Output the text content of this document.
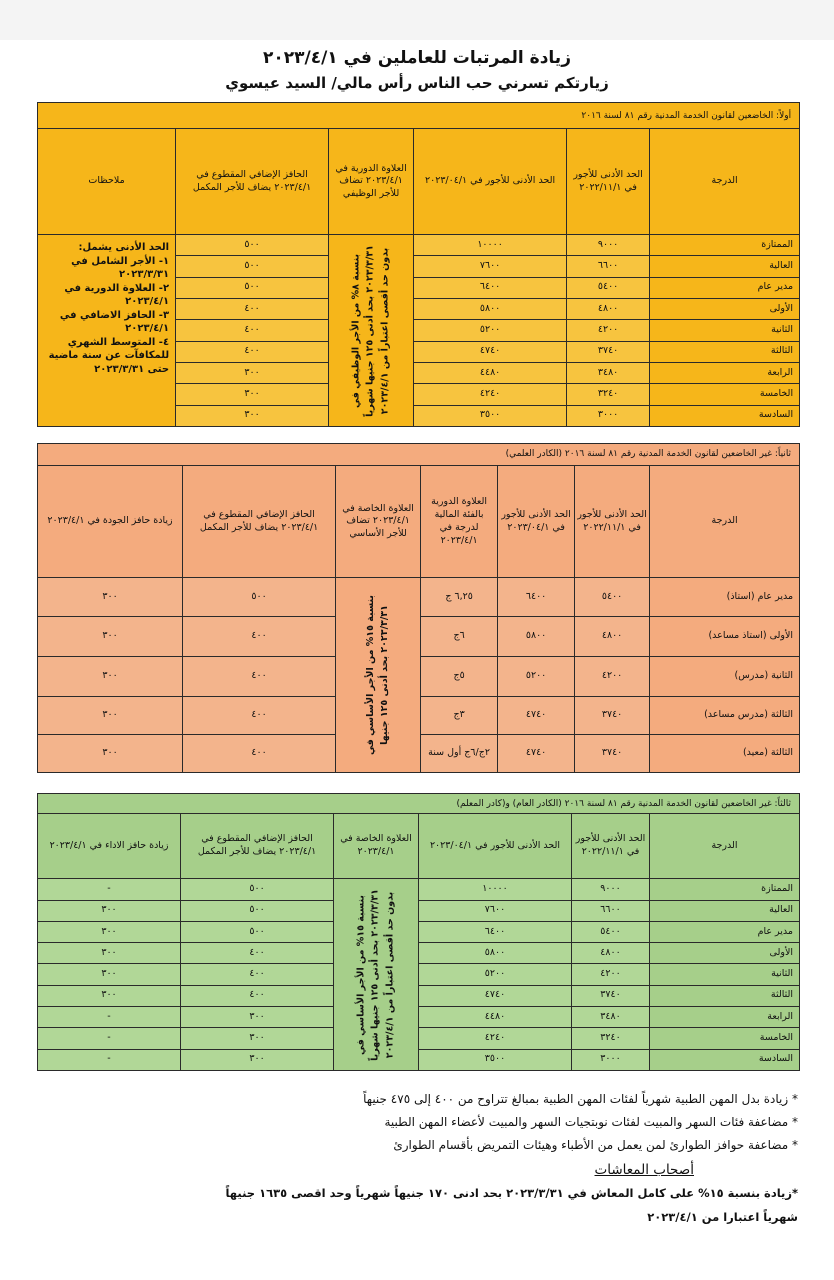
زيادة المرتبات للعاملين في ٢٠٢٣/٤/١
زيارتكم تسرني حب الناس رأس مالي/ السيد عيسوي
أولاً: الخاضعين لقانون الخدمة المدنية رقم ٨١ لسنة ٢٠١٦					
الدرجة	الحد الأدنى للأجور في ٢٠٢٢/١١/١	الحد الأدنى للأجور في ٢٠٢٣/٠٤/١	العلاوة الدورية في ٢٠٢٣/٤/١ تضاف للأجر الوظيفي	الحافز الإضافي المقطوع في ٢٠٢٣/٤/١ يضاف للأجر المكمل	ملاحظات
الممتازة	٩٠٠٠	١٠٠٠٠	بنسبة ٨% من الأجر الوظيفي في ٢٠٢٣/٣/٣١ بحد أدنى ١٢٥ جنيها شهرياً بدون حد أقصى اعتباراً من ٢٠٢٣/٤/١	٥٠٠	الحد الأدنى يشمل:
١- الأجر الشامل في ٢٠٢٣/٣/٣١
٢- العلاوة الدورية في ٢٠٢٣/٤/١
٣- الحافز الاضافي في ٢٠٢٣/٤/١
٤- المتوسط الشهري للمكافآت عن سنة ماضية حتى ٢٠٢٣/٣/٣١

العالية	٦٦٠٠	٧٦٠٠		٥٠٠	
مدير عام	٥٤٠٠	٦٤٠٠		٥٠٠	
الأولى	٤٨٠٠	٥٨٠٠		٤٠٠	
الثانية	٤٢٠٠	٥٢٠٠		٤٠٠	
الثالثة	٣٧٤٠	٤٧٤٠		٤٠٠	
الرابعة	٣٤٨٠	٤٤٨٠		٣٠٠	
الخامسة	٣٢٤٠	٤٢٤٠		٣٠٠	
السادسة	٣٠٠٠	٣٥٠٠		٣٠٠	
ثانياً: غير الخاضعين لقانون الخدمة المدنية رقم ٨١ لسنة ٢٠١٦ (الكادر العلمي)						
الدرجة	الحد الأدنى للأجور في ٢٠٢٢/١١/١	الحد الأدنى للأجور في ٢٠٢٣/٠٤/١	العلاوة الدورية بالفئة المالية لدرجة في ٢٠٢٣/٤/١	العلاوة الخاصة في ٢٠٢٣/٤/١ تضاف للأجر الأساسي	الحافز الإضافي المقطوع في ٢٠٢٣/٤/١ يضاف للأجر المكمل	زيادة حافز الجودة في ٢٠٢٣/٤/١
مدير عام (استاذ)	٥٤٠٠	٦٤٠٠	٦,٢٥ ج	بنسبة ١٥% من الأجر الأساسي في ٢٠٢٣/٣/٣١ بحد أدنى ١٢٥ جنيها	٥٠٠	٣٠٠
الأولى (استاذ مساعد)	٤٨٠٠	٥٨٠٠	٦ج		٤٠٠	٣٠٠
الثانية (مدرس)	٤٢٠٠	٥٢٠٠	٥ج		٤٠٠	٣٠٠
الثالثة (مدرس مساعد)	٣٧٤٠	٤٧٤٠	٣ج		٤٠٠	٣٠٠
الثالثة (معيد)	٣٧٤٠	٤٧٤٠	٢ج/٦ج أول سنة		٤٠٠	٣٠٠
ثالثاً: غير الخاضعين لقانون الخدمة المدنية رقم ٨١ لسنة ٢٠١٦ (الكادر العام) و(كادر المعلم)					
الدرجة	الحد الأدنى للأجور في ٢٠٢٢/١١/١	الحد الأدنى للأجور في ٢٠٢٣/٠٤/١	العلاوة الخاصة في ٢٠٢٣/٤/١	الحافز الإضافي المقطوع في ٢٠٢٣/٤/١ يضاف للأجر المكمل	زيادة حافز الاداء في ٢٠٢٣/٤/١
الممتازة	٩٠٠٠	١٠٠٠٠	بنسبة ١٥% من الأجر الأساسي في ٢٠٢٣/٣/٣١ بحد أدنى ١٢٥ جنيها شهرياً بدون حد أقصى اعتباراً من ٢٠٢٣/٤/١	٥٠٠	-
العالية	٦٦٠٠	٧٦٠٠		٥٠٠	٣٠٠
مدير عام	٥٤٠٠	٦٤٠٠		٥٠٠	٣٠٠
الأولى	٤٨٠٠	٥٨٠٠		٤٠٠	٣٠٠
الثانية	٤٢٠٠	٥٢٠٠		٤٠٠	٣٠٠
الثالثة	٣٧٤٠	٤٧٤٠		٤٠٠	٣٠٠
الرابعة	٣٤٨٠	٤٤٨٠		٣٠٠	-
الخامسة	٣٢٤٠	٤٢٤٠		٣٠٠	-
السادسة	٣٠٠٠	٣٥٠٠		٣٠٠	-
* زيادة بدل المهن الطبية شهرياً لفئات المهن الطبية بمبالغ تتراوح من ٤٠٠ إلى ٤٧٥ جنيهاً
* مضاعفة فئات السهر والمبيت لفئات نوبتجيات السهر والمبيت لأعضاء المهن الطبية
* مضاعفة حوافز الطوارئ لمن يعمل من الأطباء وهيئات التمريض بأقسام الطوارئ
أصحاب المعاشات
*زيادة بنسبة ١٥% على كامل المعاش في ٢٠٢٣/٣/٣١ بحد ادنى ١٧٠ جنيهاً شهرياً وحد اقصى ١٦٣٥ جنيهاً
شهرياً اعتبارا من ٢٠٢٣/٤/١
